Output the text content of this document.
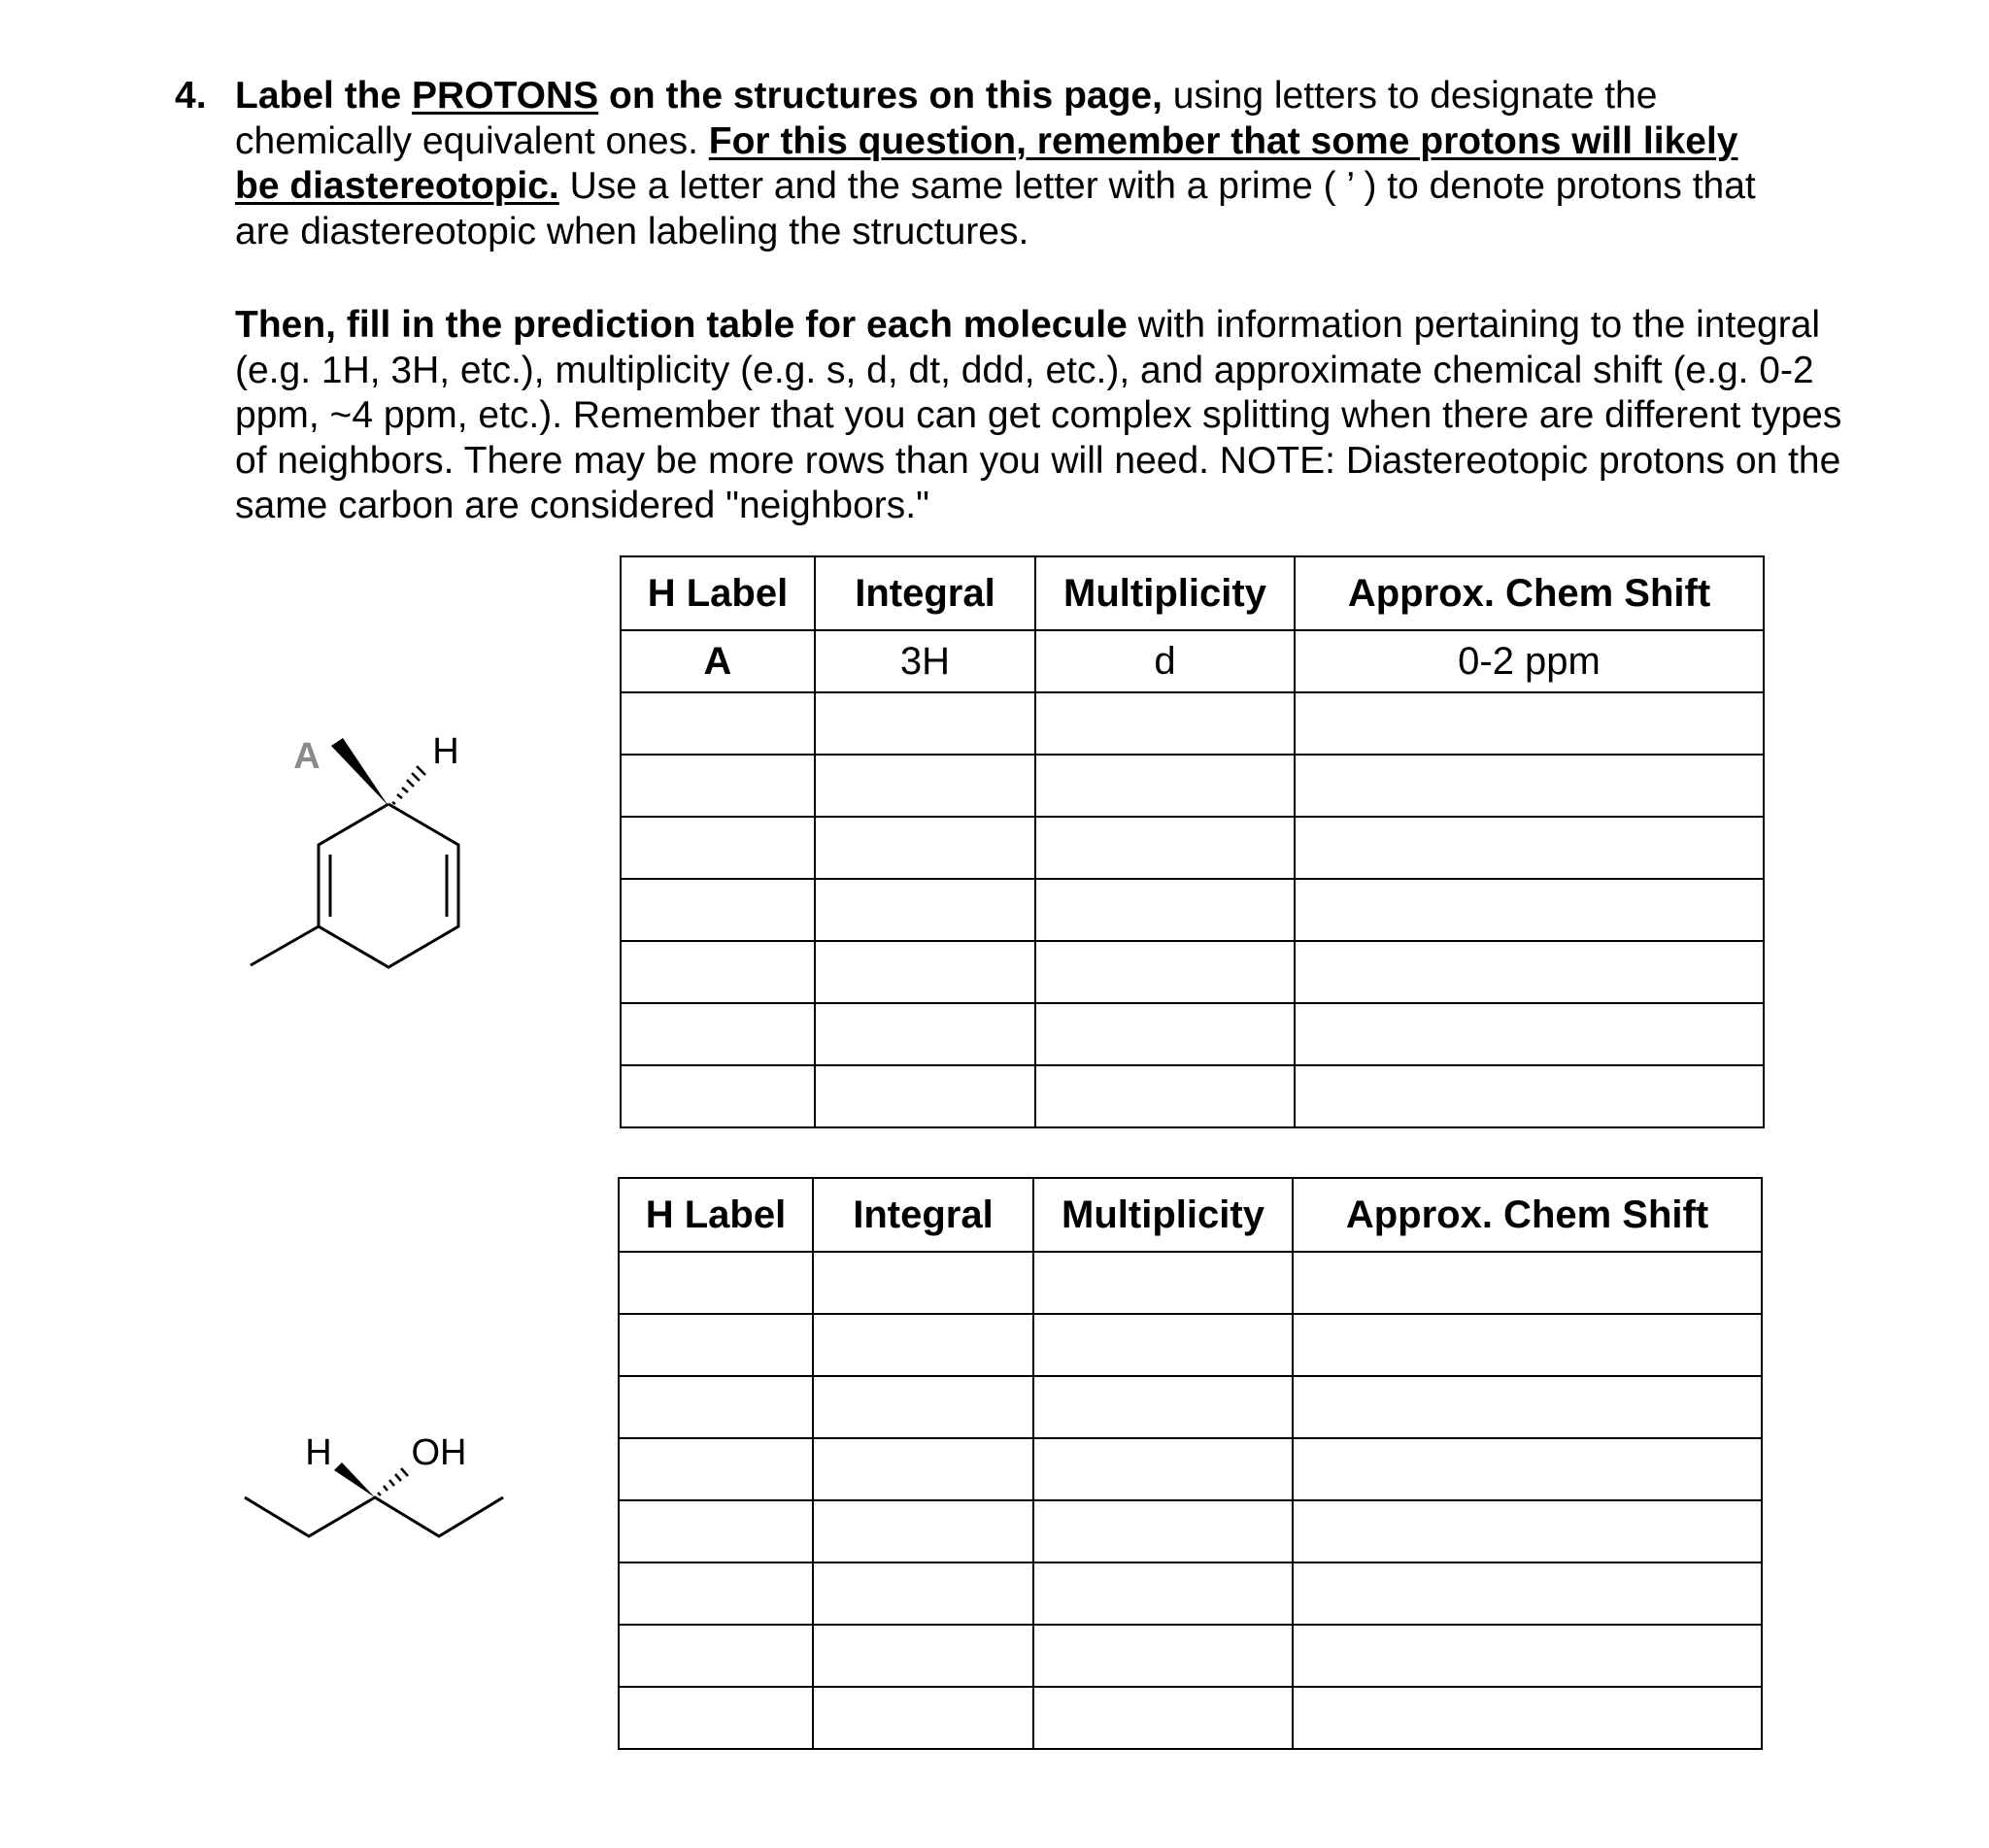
4. Label the PROTONS on the structures on this page, using letters to designate the
chemically equivalent ones. For this question, remember that some protons will likely
be diastereotopic. Use a letter and the same letter with a prime ( ’ ) to denote protons that
are diastereotopic when labeling the structures.
Then, fill in the prediction table for each molecule with information pertaining to the integral (e.g. 1H, 3H, etc.), multiplicity (e.g. s, d, dt, ddd, etc.), and approximate chemical shift (e.g. 0-2 ppm, ~4 ppm, etc.). Remember that you can get complex splitting when there are different types of neighbors. There may be more rows than you will need. NOTE: Diastereotopic protons on the same carbon are considered "neighbors."
H Label	Integral	Multiplicity	Approx. Chem Shift
A	3H	d	0-2 ppm

H Label	Integral	Multiplicity	Approx. Chem Shift

A	H
H OH
